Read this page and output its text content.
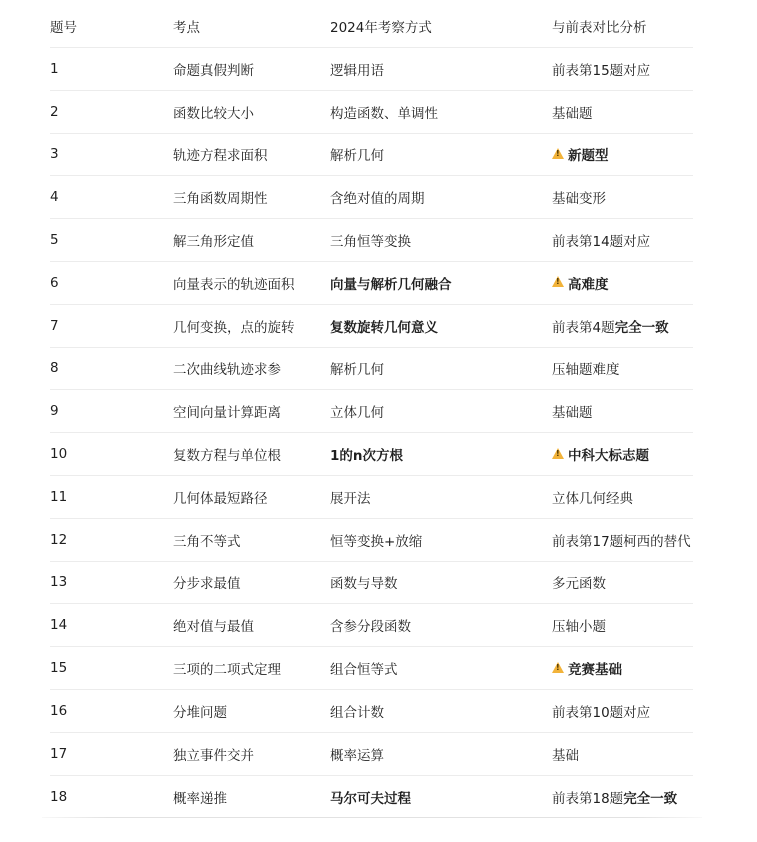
题号	考点	2024年考察方式	与前表对比分析
1	命题真假判断	逻辑用语	前表第15题对应
2	函数比较大小	构造函数、单调性	基础题
3	轨迹方程求面积	解析几何 !	新题型
4	三角函数周期性	含绝对值的周期	基础变形
5	解三角形定值	三角恒等变换	前表第14题对应
6	向量表示的轨迹面积	向量与解析几何融合 !	高难度
7	几何变换，点的旋转	复数旋转几何意义	前表第4题 完全一致
8	二次曲线轨迹求参	解析几何	压轴题难度
9	空间向量计算距离	立体几何	基础题
10	复数方程与单位根	1的n次方根 !	中科大标志题
11	几何体最短路径	展开法	立体几何经典
12	三角不等式	恒等变换+放缩	前表第17题柯西的替代
13	分步求最值	函数与导数	多元函数
14	绝对值与最值	含参分段函数	压轴小题
15	三项的二项式定理	组合恒等式 !	竞赛基础
16	分堆问题	组合计数	前表第10题对应
17	独立事件交并	概率运算	基础
18	概率递推	马尔可夫过程	前表第18题 完全一致
